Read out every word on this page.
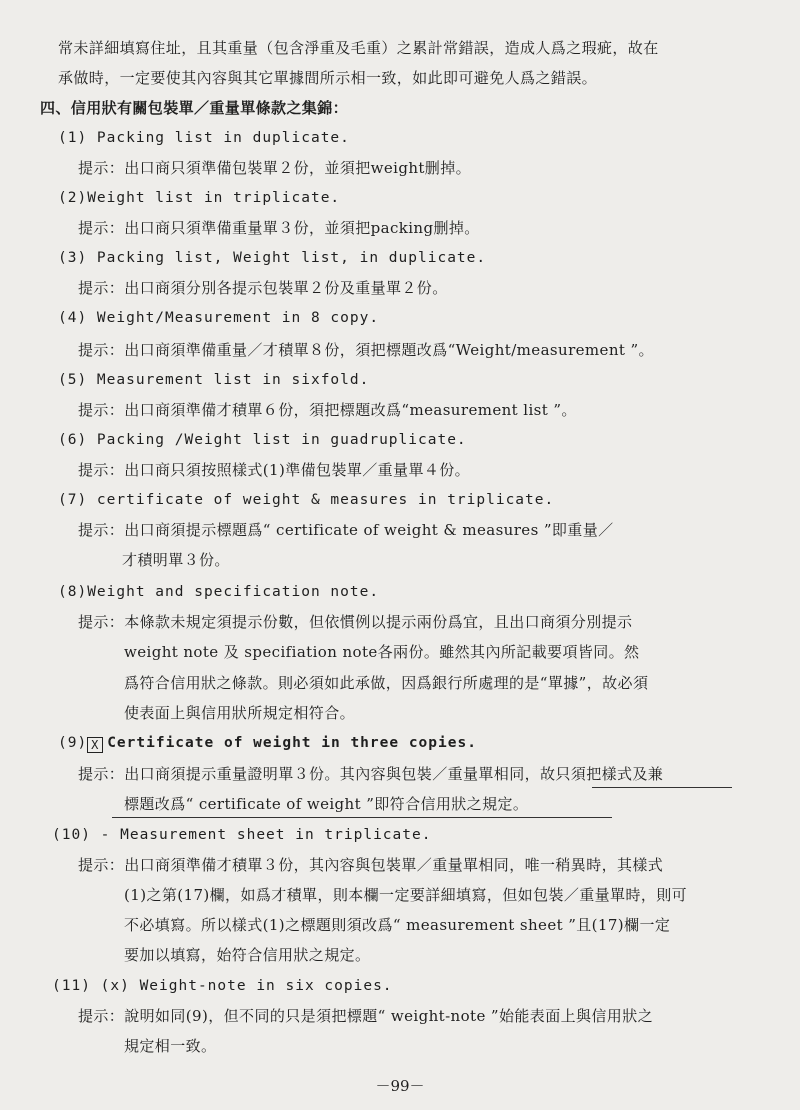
常未詳細填寫住址，且其重量（包含淨重及毛重）之累計常錯誤，造成人爲之瑕疵，故在
承做時，一定要使其內容與其它單據間所示相一致，如此即可避免人爲之錯誤。
四、信用狀有關包裝單／重量單條款之集錦：
(1) Packing list in duplicate.
提示：出口商只須準備包裝單２份，並須把weight删掉。
(2)Weight list in triplicate.
提示：出口商只須準備重量單３份，並須把packing删掉。
(3) Packing list, Weight list, in duplicate.
提示：出口商須分別各提示包裝單２份及重量單２份。
(4) Weight/Measurement in 8 copy.
提示：出口商須準備重量／才積單８份，須把標題改爲“Weight/measurement ”。
(5) Measurement list in sixfold.
提示：出口商須準備才積單６份，須把標題改爲“measurement list ”。
(6) Packing /Weight list in guadruplicate.
提示：出口商只須按照樣式(1)準備包裝單／重量單４份。
(7) certificate of weight & measures in triplicate.
提示：出口商須提示標題爲“ certificate of weight & measures ”即重量／
才積明單３份。
(8)Weight and specification note.
提示：本條款未規定須提示份數，但依慣例以提示兩份爲宜，且出口商須分別提示
weight note 及 specifiation note各兩份。雖然其內所記載要項皆同。然
爲符合信用狀之條款。則必須如此承做，因爲銀行所處理的是“單據”，故必須
使表面上與信用狀所規定相符合。
(9) X Certificate of weight in three copies.
提示：出口商須提示重量證明單３份。其內容與包裝／重量單相同，故只須把樣式及兼
標題改爲“ certificate of weight ”即符合信用狀之規定。
(10) - Measurement sheet in triplicate.
提示：出口商須準備才積單３份，其內容與包裝單／重量單相同，唯一稍異時，其樣式
(1)之第(17)欄，如爲才積單，則本欄一定要詳細填寫，但如包裝／重量單時，則可
不必填寫。所以樣式(1)之標題則須改爲“ measurement sheet ”且(17)欄一定
要加以填寫，始符合信用狀之規定。
(11) (x) Weight-note in six copies.
提示：說明如同(9)，但不同的只是須把標題“ weight-note ”始能表面上與信用狀之
規定相一致。
－99－
